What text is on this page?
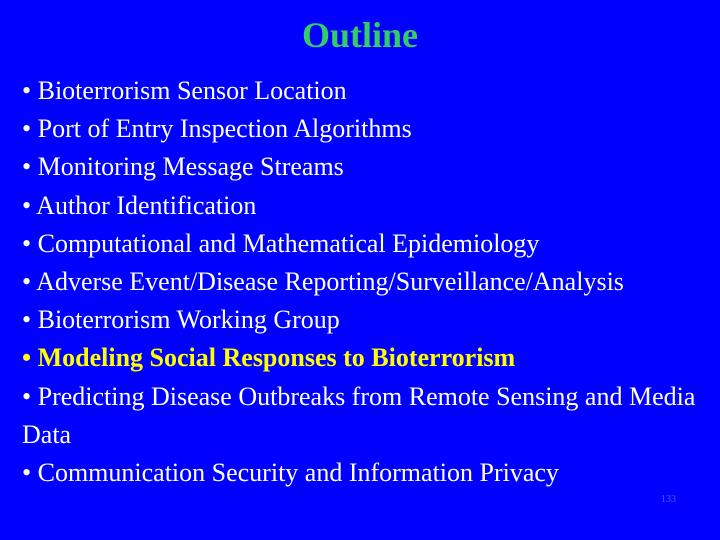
Outline
• Bioterrorism Sensor Location
• Port of Entry Inspection Algorithms
• Monitoring Message Streams
• Author Identification
• Computational and Mathematical Epidemiology
• Adverse Event/Disease Reporting/Surveillance/Analysis
• Bioterrorism Working Group
• Modeling Social Responses to Bioterrorism
• Predicting Disease Outbreaks from Remote Sensing and Media Data
• Communication Security and Information Privacy
133
